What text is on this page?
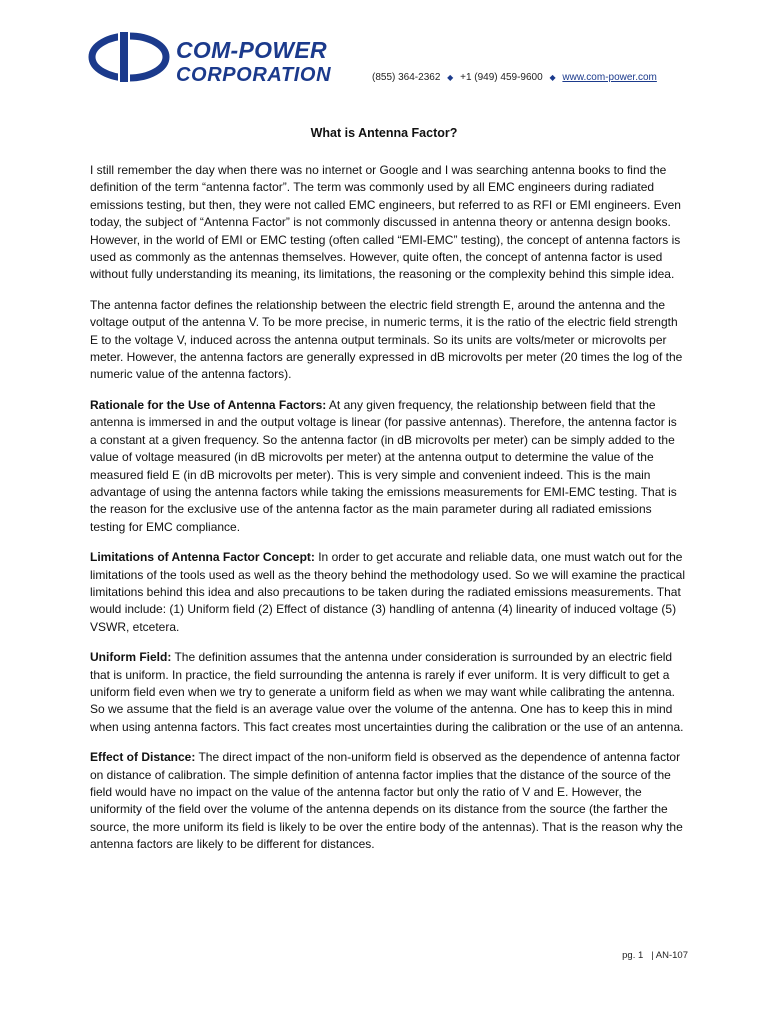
COM-POWER
CORPORATION	(855) 364-2362 ◆ +1 (949) 459-9600 ◆ www.com-power.com
What is Antenna Factor?

I still remember the day when there was no internet or Google and I was searching antenna books to find the definition of the term “antenna factor”. The term was commonly used by all EMC engineers during radiated emissions testing, but then, they were not called EMC engineers, but referred to as RFI or EMI engineers. Even today, the subject of “Antenna Factor” is not commonly discussed in antenna theory or antenna design books. However, in the world of EMI or EMC testing (often called “EMI-EMC” testing), the concept of antenna factors is used as commonly as the antennas themselves. However, quite often, the concept of antenna factor is used without fully understanding its meaning, its limitations, the reasoning or the complexity behind this simple idea.

The antenna factor defines the relationship between the electric field strength E, around the antenna and the voltage output of the antenna V. To be more precise, in numeric terms, it is the ratio of the electric field strength E to the voltage V, induced across the antenna output terminals. So its units are volts/meter or microvolts per meter. However, the antenna factors are generally expressed in dB microvolts per meter (20 times the log of the numeric value of the antenna factors).

Rationale for the Use of Antenna Factors: At any given frequency, the relationship between field that the antenna is immersed in and the output voltage is linear (for passive antennas). Therefore, the antenna factor is a constant at a given frequency. So the antenna factor (in dB microvolts per meter) can be simply added to the value of voltage measured (in dB microvolts per meter) at the antenna output to determine the value of the measured field E (in dB microvolts per meter). This is very simple and convenient indeed. This is the main advantage of using the antenna factors while taking the emissions measurements for EMI-EMC testing. That is the reason for the exclusive use of the antenna factor as the main parameter during all radiated emissions testing for EMC compliance.

Limitations of Antenna Factor Concept: In order to get accurate and reliable data, one must watch out for the limitations of the tools used as well as the theory behind the methodology used. So we will examine the practical limitations behind this idea and also precautions to be taken during the radiated emissions measurements. That would include: (1) Uniform field (2) Effect of distance (3) handling of antenna (4) linearity of induced voltage (5) VSWR, etcetera.

Uniform Field: The definition assumes that the antenna under consideration is surrounded by an electric field that is uniform. In practice, the field surrounding the antenna is rarely if ever uniform. It is very difficult to get a uniform field even when we try to generate a uniform field as when we may want while calibrating the antenna. So we assume that the field is an average value over the volume of the antenna. One has to keep this in mind when using antenna factors. This fact creates most uncertainties during the calibration or the use of an antenna.

Effect of Distance: The direct impact of the non-uniform field is observed as the dependence of antenna factor on distance of calibration. The simple definition of antenna factor implies that the distance of the source of the field would have no impact on the value of the antenna factor but only the ratio of V and E. However, the uniformity of the field over the volume of the antenna depends on its distance from the source (the farther the source, the more uniform its field is likely to be over the entire body of the antennas). That is the reason why the antenna factors are likely to be different for distances.

pg. 1 | AN-107
